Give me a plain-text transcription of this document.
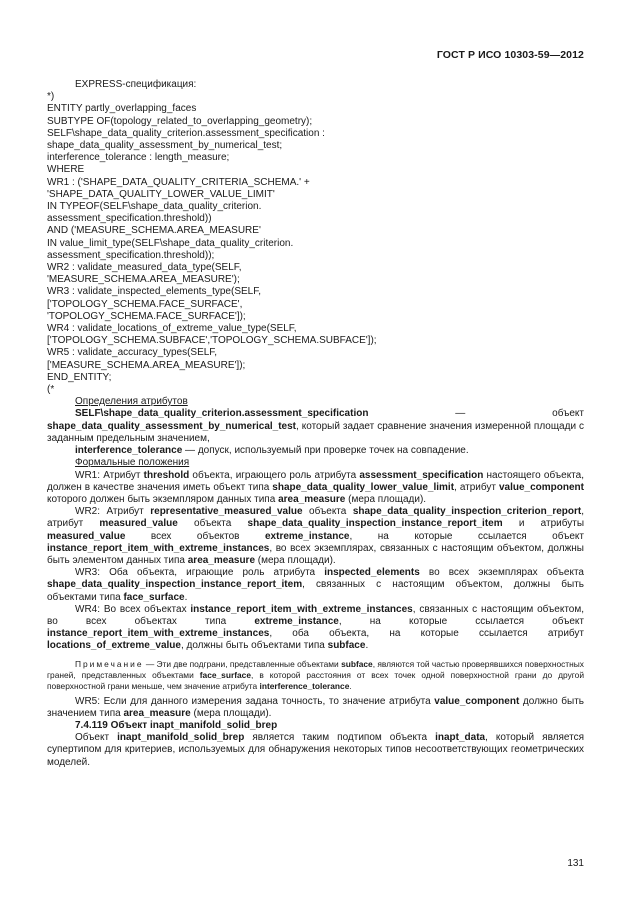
ГОСТ Р ИСО 10303-59—2012
EXPRESS-спецификация:
*)
ENTITY partly_overlapping_faces
SUBTYPE OF(topology_related_to_overlapping_geometry);
SELF\shape_data_quality_criterion.assessment_specification :
shape_data_quality_assessment_by_numerical_test;
interference_tolerance : length_measure;
WHERE
WR1 : ('SHAPE_DATA_QUALITY_CRITERIA_SCHEMA.' +
'SHAPE_DATA_QUALITY_LOWER_VALUE_LIMIT'
IN TYPEOF(SELF\shape_data_quality_criterion.
assessment_specification.threshold))
AND ('MEASURE_SCHEMA.AREA_MEASURE'
IN value_limit_type(SELF\shape_data_quality_criterion.
assessment_specification.threshold));
WR2 : validate_measured_data_type(SELF,
'MEASURE_SCHEMA.AREA_MEASURE');
WR3 : validate_inspected_elements_type(SELF,
['TOPOLOGY_SCHEMA.FACE_SURFACE',
'TOPOLOGY_SCHEMA.FACE_SURFACE']);
WR4 : validate_locations_of_extreme_value_type(SELF,
['TOPOLOGY_SCHEMA.SUBFACE','TOPOLOGY_SCHEMA.SUBFACE']);
WR5 : validate_accuracy_types(SELF,
['MEASURE_SCHEMA.AREA_MEASURE']);
END_ENTITY;
(*
Определения атрибутов

SELF\shape_data_quality_criterion.assessment_specification — объект shape_data_quality_assessment_by_numerical_test, который задает сравнение значения измеренной площади с заданным предельным значением,

interference_tolerance — допуск, используемый при проверке точек на совпадение.

Формальные положения

WR1: Атрибут threshold объекта, играющего роль атрибута assessment_specification настоящего объекта, должен в качестве значения иметь объект типа shape_data_quality_lower_value_limit, атрибут value_component которого должен быть экземпляром данных типа area_measure (мера площади).

WR2: Атрибут representative_measured_value объекта shape_data_quality_inspection_criterion_report, атрибут measured_value объекта shape_data_quality_inspection_instance_report_item и атрибуты measured_value всех объектов extreme_instance, на которые ссылается объект instance_report_item_with_extreme_instances, во всех экземплярах, связанных с настоящим объектом, должны быть элементом данных типа area_measure (мера площади).

WR3: Оба объекта, играющие роль атрибута inspected_elements во всех экземплярах объекта shape_data_quality_inspection_instance_report_item, связанных с настоящим объектом, должны быть объектами типа face_surface.

WR4: Во всех объектах instance_report_item_with_extreme_instances, связанных с настоящим объектом, во всех объектах типа extreme_instance, на которые ссылается объект instance_report_item_with_extreme_instances, оба объекта, на которые ссылается атрибут locations_of_extreme_value, должны быть объектами типа subface.

Примечание — Эти две подграни, представленные объектами subface, являются той частью проверявшихся поверхностных граней, представленных объектами face_surface, в которой расстояния от всех точек одной поверхностной грани до другой поверхностной грани меньше, чем значение атрибута interference_tolerance.

WR5: Если для данного измерения задана точность, то значение атрибута value_component должно быть значением типа area_measure (мера площади).

7.4.119 Объект inapt_manifold_solid_brep

Объект inapt_manifold_solid_brep является таким подтипом объекта inapt_data, который является супертипом для критериев, используемых для обнаружения некоторых типов несоответствующих геометрических моделей.

131
